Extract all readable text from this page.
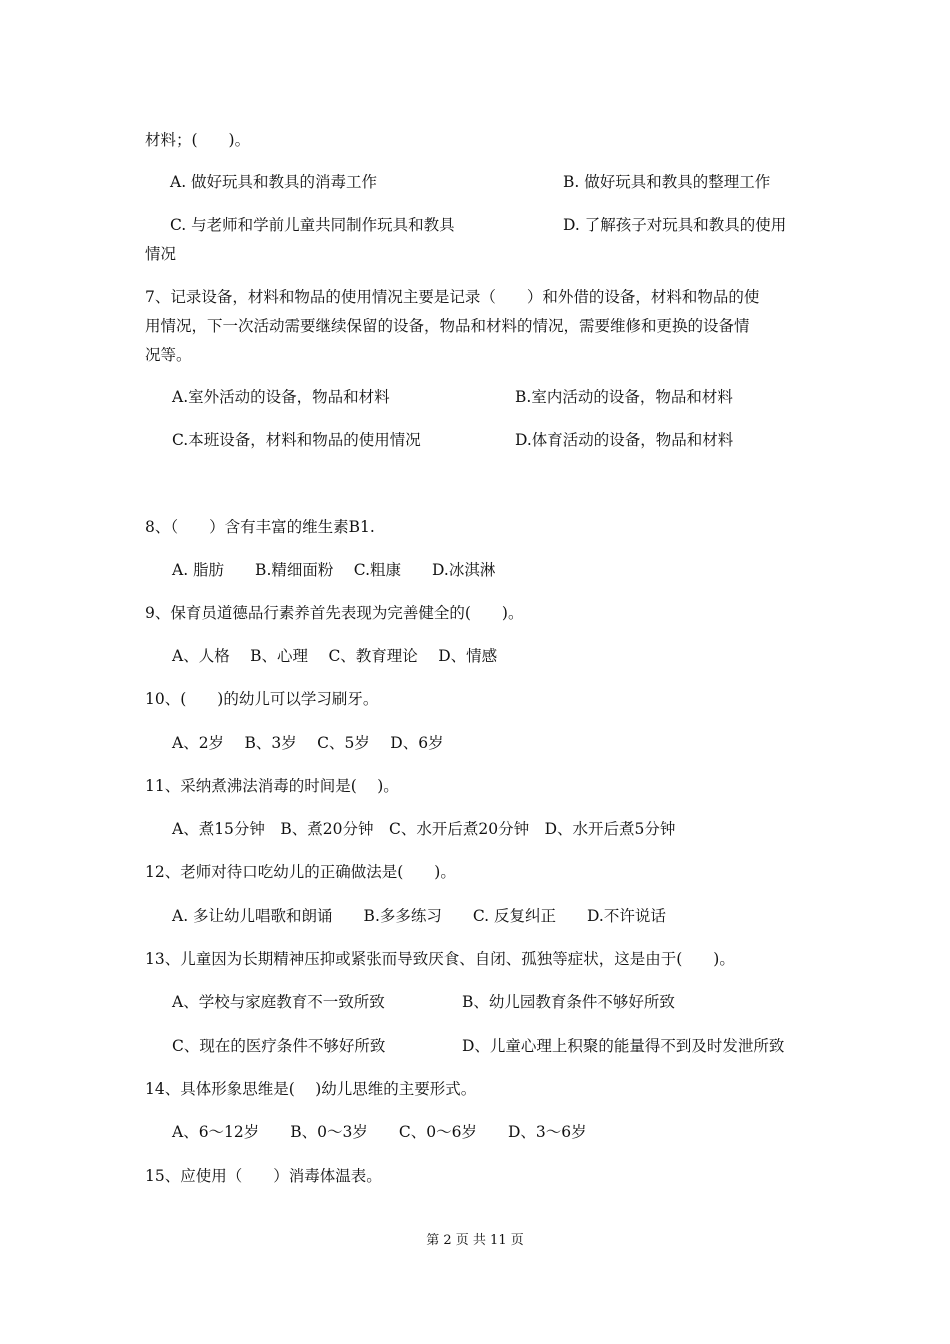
材料；(　　)。
A. 做好玩具和教具的消毒工作	B. 做好玩具和教具的整理工作
C. 与老师和学前儿童共同制作玩具和教具	D. 了解孩子对玩具和教具的使用
情况
7、记录设备，材料和物品的使用情况主要是记录（　　）和外借的设备，材料和物品的使
用情况，下一次活动需要继续保留的设备，物品和材料的情况，需要维修和更换的设备情
况等。
A.室外活动的设备，物品和材料	B.室内活动的设备，物品和材料
C.本班设备，材料和物品的使用情况	D.体育活动的设备，物品和材料
8、（　　）含有丰富的维生素B1.
A. 脂肪　　B.精细面粉　 C.粗康　　D.冰淇淋
9、保育员道德品行素养首先表现为完善健全的(　　)。
A、人格　 B、心理　 C、教育理论　 D、情感
10、(　　)的幼儿可以学习刷牙。
A、2岁　 B、3岁　 C、5岁　 D、6岁
11、采纳煮沸法消毒的时间是(　 )。
A、煮15分钟　B、煮20分钟　C、水开后煮20分钟　D、水开后煮5分钟
12、老师对待口吃幼儿的正确做法是(　　)。
A. 多让幼儿唱歌和朗诵　　B.多多练习　　C. 反复纠正　　D.不许说话
13、儿童因为长期精神压抑或紧张而导致厌食、自闭、孤独等症状，这是由于(　　)。
A、学校与家庭教育不一致所致	B、幼儿园教育条件不够好所致
C、现在的医疗条件不够好所致	D、儿童心理上积聚的能量得不到及时发泄所致
14、具体形象思维是(　 )幼儿思维的主要形式。
A、6～12岁　　B、0～3岁　　C、0～6岁　　D、3～6岁
15、应使用（　　）消毒体温表。
第 2 页 共 11 页
